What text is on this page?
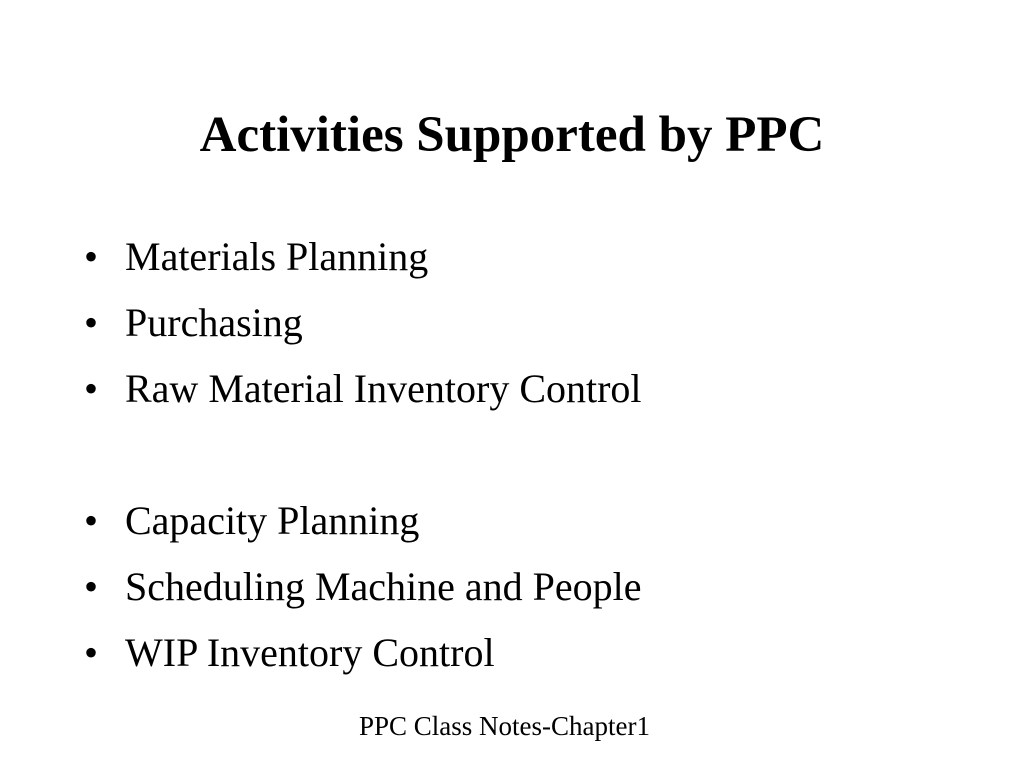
Activities Supported by PPC
• Materials Planning
• Purchasing
• Raw Material Inventory Control
• Capacity Planning
• Scheduling Machine and People
• WIP Inventory Control
PPC Class Notes-Chapter1
